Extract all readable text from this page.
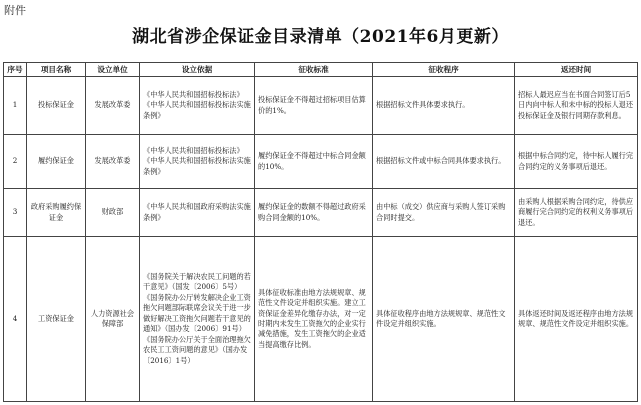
附件
湖北省涉企保证金目录清单（2021年6月更新）
序号	项目名称	设立单位	设立依据	征收标准	征收程序	返还时间
1	投标保证金	发展改革委	《中华人民共和国招标投标法》《中华人民共和国招标投标法实施条例》	投标保证金不得超过招标项目估算价的1%。	根据招标文件具体要求执行。	招标人最迟应当在书面合同签订后5日内向中标人和未中标的投标人退还投标保证金及银行同期存款利息。
2	履约保证金	发展改革委	《中华人民共和国招标投标法》《中华人民共和国招标投标法实施条例》	履约保证金不得超过中标合同金额的10%。	根据招标文件或中标合同具体要求执行。	根据中标合同约定，待中标人履行完合同约定的义务事项后退还。
3	政府采购履约保证金	财政部	《中华人民共和国政府采购法实施条例》	履约保证金的数额不得超过政府采购合同金额的10%。	由中标（成交）供应商与采购人签订采购合同时提交。	由采购人根据采购合同约定，待供应商履行完合同约定的权利义务事项后退还。
4	工资保证金	人力资源社会保障部	《国务院关于解决农民工问题的若干意见》（国发〔2006〕5号）
《国务院办公厅转发解决企业工资拖欠问题部际联席会议关于进一步做好解决工资拖欠问题若干意见的通知》（国办发〔2006〕91号）
《国务院办公厅关于全面治理拖欠农民工工资问题的意见》（国办发〔2016〕1号）	具体征收标准由地方法规规章、规范性文件设定并组织实施。建立工资保证金差异化缴存办法，对一定时期内未发生工资拖欠的企业实行减免措施，发生工资拖欠的企业适当提高缴存比例。	具体征收程序由地方法规规章、规范性文件设定并组织实施。	具体返还时间及返还程序由地方法规规章、规范性文件设定并组织实施。
